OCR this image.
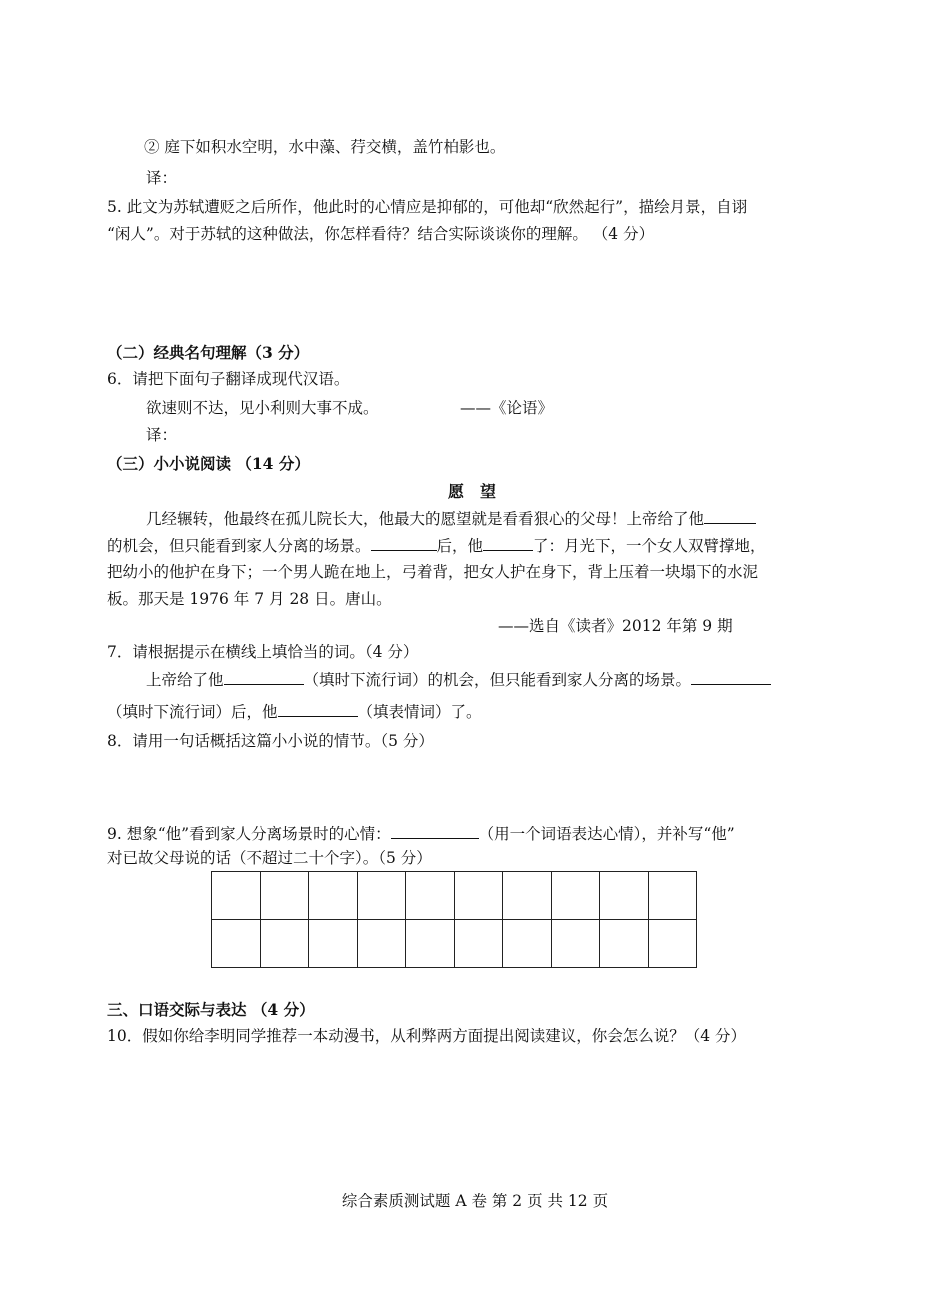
② 庭下如积水空明，水中藻、荇交横，盖竹柏影也。
译：
5. 此文为苏轼遭贬之后所作，他此时的心情应是抑郁的，可他却“欣然起行”，描绘月景，自诩
“闲人”。对于苏轼的这种做法，你怎样看待？结合实际谈谈你的理解。 （4 分）
（二）经典名句理解（3 分）
6．请把下面句子翻译成现代汉语。
欲速则不达，见小利则大事不成。	——《论语》
译：
（三）小小说阅读 （14 分）
愿　望
几经辗转，他最终在孤儿院长大，他最大的愿望就是看看狠心的父母！上帝给了他
的机会，但只能看到家人分离的场景。	后，他	了：月光下，一个女人双臂撑地，
把幼小的他护在身下；一个男人跪在地上，弓着背，把女人护在身下，背上压着一块塌下的水泥
板。那天是 1976 年 7 月 28 日。唐山。
——选自《读者》2012 年第 9 期
7．请根据提示在横线上填恰当的词。（4 分）
上帝给了他	（填时下流行词）的机会，但只能看到家人分离的场景。
（填时下流行词）后，他	（填表情词）了。
8．请用一句话概括这篇小小说的情节。（5 分）
9. 想象“他”看到家人分离场景时的心情：	（用一个词语表达心情），并补写“他”
对已故父母说的话（不超过二十个字）。（5 分）

三、口语交际与表达 （4 分）
10．假如你给李明同学推荐一本动漫书，从利弊两方面提出阅读建议，你会怎么说？（4 分）
综合素质测试题 A 卷 第 2 页 共 12 页
